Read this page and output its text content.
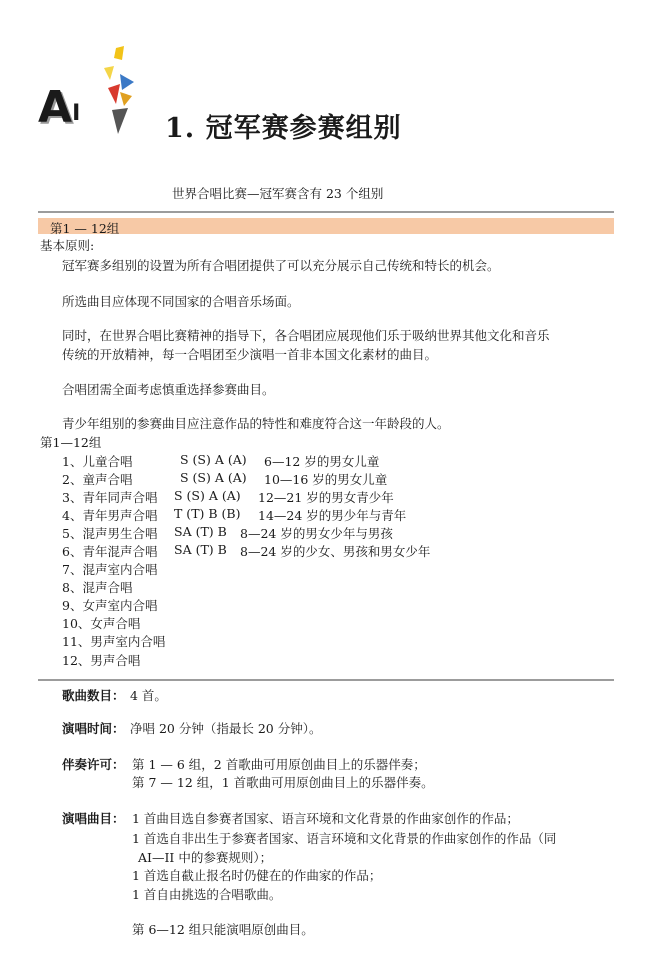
AI	1. 冠军赛参赛组别
世界合唱比赛—冠军赛含有 23 个组别
第1 — 12组
基本原则:
冠军赛多组别的设置为所有合唱团提供了可以充分展示自己传统和特长的机会。
所选曲目应体现不同国家的合唱音乐场面。
同时，在世界合唱比赛精神的指导下，各合唱团应展现他们乐于吸纳世界其他文化和音乐
传统的开放精神，每一合唱团至少演唱一首非本国文化素材的曲目。
合唱团需全面考虑慎重选择参赛曲目。
青少年组别的参赛曲目应注意作品的特性和难度符合这一年龄段的人。
第1—12组
1、儿童合唱	S (S) A (A) 6—12 岁的男女儿童
2、童声合唱	S (S) A (A) 10—16 岁的男女儿童
3、青年同声合唱 S (S) A (A) 12—21 岁的男女青少年
4、青年男声合唱 T (T) B (B) 14—24 岁的男少年与青年
5、混声男生合唱 SA (T) B 8—24 岁的男女少年与男孩
6、青年混声合唱 SA (T) B 8—24 岁的少女、男孩和男女少年
7、混声室内合唱
8、混声合唱
9、女声室内合唱
10、女声合唱
11、男声室内合唱
12、男声合唱
歌曲数目： 4 首。
演唱时间： 净唱 20 分钟（指最长 20 分钟）。
伴奏许可： 第 1 — 6 组，2 首歌曲可用原创曲目上的乐器伴奏；
第 7 — 12 组，1 首歌曲可用原创曲目上的乐器伴奏。
演唱曲目： 1 首曲目选自参赛者国家、语言环境和文化背景的作曲家创作的作品；
1 首选自非出生于参赛者国家、语言环境和文化背景的作曲家创作的作品（同
AI—II 中的参赛规则）；
1 首选自截止报名时仍健在的作曲家的作品；
1 首自由挑选的合唱歌曲。
第 6—12 组只能演唱原创曲目。
